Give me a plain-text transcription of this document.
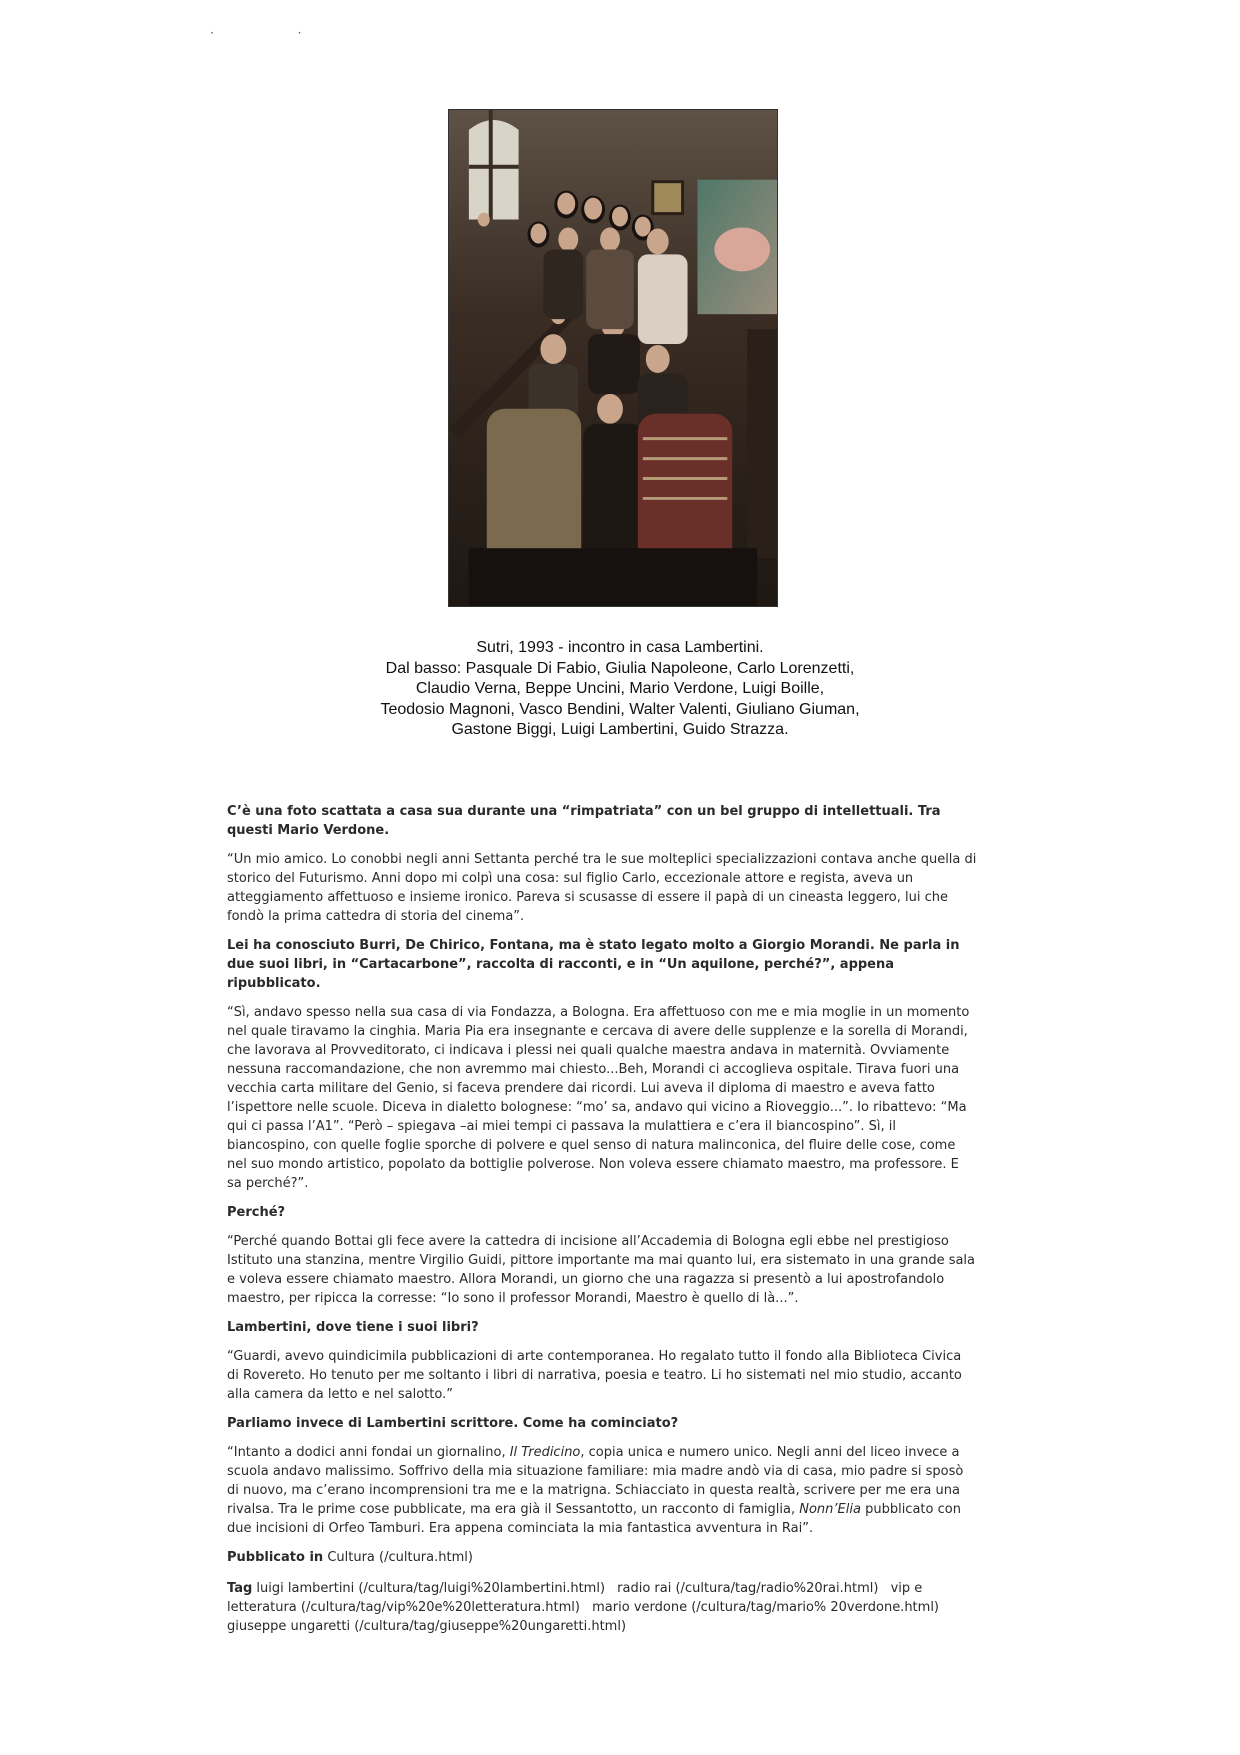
· ·
Sutri, 1993 - incontro in casa Lambertini.
Dal basso: Pasquale Di Fabio, Giulia Napoleone, Carlo Lorenzetti,
Claudio Verna, Beppe Uncini, Mario Verdone, Luigi Boille,
Teodosio Magnoni, Vasco Bendini, Walter Valenti, Giuliano Giuman,
Gastone Biggi, Luigi Lambertini, Guido Strazza.

C’è una foto scattata a casa sua durante una “rimpatriata” con un bel gruppo di intellettuali. Tra questi Mario Verdone.

“Un mio amico. Lo conobbi negli anni Settanta perché tra le sue molteplici specializzazioni contava anche quella di storico del Futurismo. Anni dopo mi colpì una cosa: sul figlio Carlo, eccezionale attore e regista, aveva un atteggiamento affettuoso e insieme ironico. Pareva si scusasse di essere il papà di un cineasta leggero, lui che fondò la prima cattedra di storia del cinema”.

Lei ha conosciuto Burri, De Chirico, Fontana, ma è stato legato molto a Giorgio Morandi. Ne parla in due suoi libri, in “Cartacarbone”, raccolta di racconti, e in “Un aquilone, perché?”, appena ripubblicato.

“Sì, andavo spesso nella sua casa di via Fondazza, a Bologna. Era affettuoso con me e mia moglie in un momento nel quale tiravamo la cinghia. Maria Pia era insegnante e cercava di avere delle supplenze e la sorella di Morandi, che lavorava al Provveditorato, ci indicava i plessi nei quali qualche maestra andava in maternità. Ovviamente nessuna raccomandazione, che non avremmo mai chiesto...Beh, Morandi ci accoglieva ospitale. Tirava fuori una vecchia carta militare del Genio, si faceva prendere dai ricordi. Lui aveva il diploma di maestro e aveva fatto l’ispettore nelle scuole. Diceva in dialetto bolognese: “mo’ sa, andavo qui vicino a Rioveggio...”. Io ribattevo: “Ma qui ci passa l’A1”. “Però – spiegava –ai miei tempi ci passava la mulattiera e c’era il biancospino”. Sì, il biancospino, con quelle foglie sporche di polvere e quel senso di natura malinconica, del fluire delle cose, come nel suo mondo artistico, popolato da bottiglie polverose. Non voleva essere chiamato maestro, ma professore. E sa perché?”.

Perché?

“Perché quando Bottai gli fece avere la cattedra di incisione all’Accademia di Bologna egli ebbe nel prestigioso Istituto una stanzina, mentre Virgilio Guidi, pittore importante ma mai quanto lui, era sistemato in una grande sala e voleva essere chiamato maestro. Allora Morandi, un giorno che una ragazza si presentò a lui apostrofandolo maestro, per ripicca la corresse: “Io sono il professor Morandi, Maestro è quello di là...”.

Lambertini, dove tiene i suoi libri?

“Guardi, avevo quindicimila pubblicazioni di arte contemporanea. Ho regalato tutto il fondo alla Biblioteca Civica di Rovereto. Ho tenuto per me soltanto i libri di narrativa, poesia e teatro. Li ho sistemati nel mio studio, accanto alla camera da letto e nel salotto.”

Parliamo invece di Lambertini scrittore. Come ha cominciato?

“Intanto a dodici anni fondai un giornalino, Il Tredicino, copia unica e numero unico. Negli anni del liceo invece a scuola andavo malissimo. Soffrivo della mia situazione familiare: mia madre andò via di casa, mio padre si sposò di nuovo, ma c’erano incomprensioni tra me e la matrigna. Schiacciato in questa realtà, scrivere per me era una rivalsa. Tra le prime cose pubblicate, ma era già il Sessantotto, un racconto di famiglia, Nonn’Elia pubblicato con due incisioni di Orfeo Tamburi. Era appena cominciata la mia fantastica avventura in Rai”.

Pubblicato in Cultura (/cultura.html)

Tag luigi lambertini (/cultura/tag/luigi%20lambertini.html) radio rai (/cultura/tag/radio%20rai.html) vip e letteratura (/cultura/tag/vip%20e%20letteratura.html) mario verdone (/cultura/tag/mario% 20verdone.html) giuseppe ungaretti (/cultura/tag/giuseppe%20ungaretti.html)
